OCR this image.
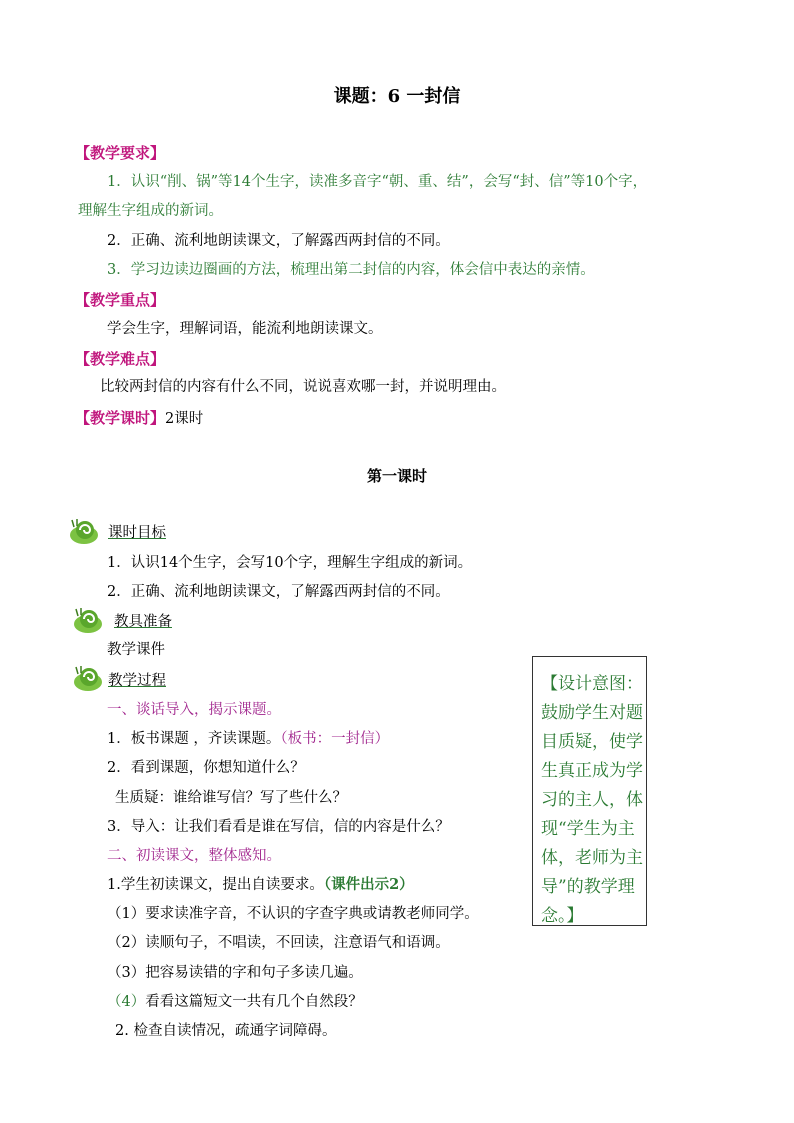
课题：6 一封信
【教学要求】
1．认识“削、锅”等14个生字，读准多音字“朝、重、结”，会写“封、信”等10个字，
理解生字组成的新词。
2．正确、流利地朗读课文，了解露西两封信的不同。
3．学习边读边圈画的方法，梳理出第二封信的内容，体会信中表达的亲情。
【教学重点】
学会生字，理解词语，能流利地朗读课文。
【教学难点】
比较两封信的内容有什么不同，说说喜欢哪一封，并说明理由。
【教学课时】2课时
第一课时
课时目标
1．认识14个生字，会写10个字，理解生字组成的新词。
2．正确、流利地朗读课文，了解露西两封信的不同。
教具准备
教学课件
教学过程
一、谈话导入，揭示课题。
1．板书课题 ，齐读课题。（板书：一封信）
2．看到课题，你想知道什么？
生质疑：谁给谁写信？写了些什么？
3．导入：让我们看看是谁在写信，信的内容是什么？
二、初读课文，整体感知。
1.学生初读课文，提出自读要求。（课件出示2）
（1）要求读准字音，不认识的字查字典或请教老师同学。
（2）读顺句子，不唱读，不回读，注意语气和语调。
（3）把容易读错的字和句子多读几遍。
（4）看看这篇短文一共有几个自然段？
2. 检查自读情况，疏通字词障碍。
【设计意图：
鼓励学生对题
目质疑，使学
生真正成为学
习的主人，体
现“学生为主
体，老师为主
导”的教学理
念。】
